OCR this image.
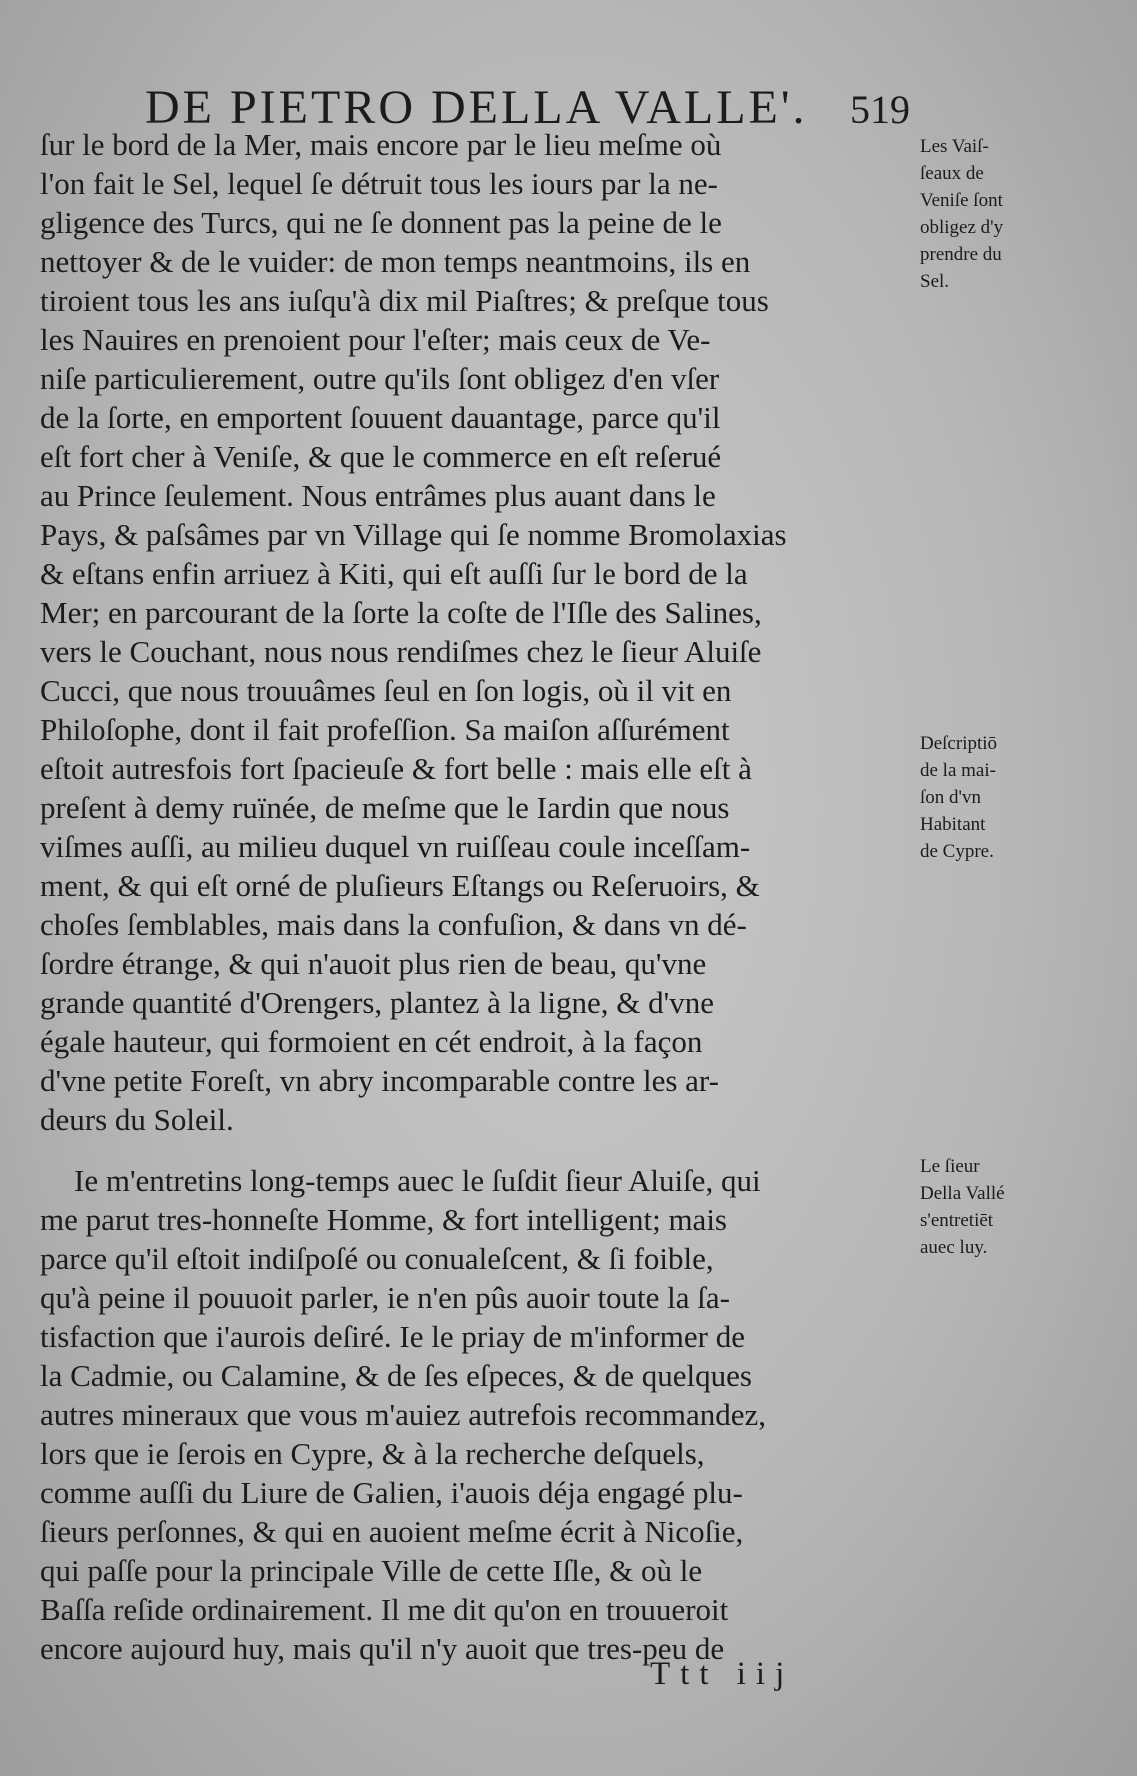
DE PIETRO DELLA VALLE'. 519
ſur le bord de la Mer, mais encore par le lieu meſme où
l'on fait le Sel, lequel ſe détruit tous les iours par la ne-
gligence des Turcs, qui ne ſe donnent pas la peine de le
nettoyer & de le vuider: de mon temps neantmoins, ils en
tiroient tous les ans iuſqu'à dix mil Piaſtres; & preſque tous
les Nauires en prenoient pour l'eſter; mais ceux de Ve-
niſe particulierement, outre qu'ils ſont obligez d'en vſer
de la ſorte, en emportent ſouuent dauantage, parce qu'il
eſt fort cher à Veniſe, & que le commerce en eſt reſerué
au Prince ſeulement. Nous entrâmes plus auant dans le
Pays, & paſsâmes par vn Village qui ſe nomme Bromolaxias
& eſtans enfin arriuez à Kiti, qui eſt auſſi ſur le bord de la
Mer; en parcourant de la ſorte la coſte de l'Iſle des Salines,
vers le Couchant, nous nous rendiſmes chez le ſieur Aluiſe
Cucci, que nous trouuâmes ſeul en ſon logis, où il vit en
Philoſophe, dont il fait profeſſion. Sa maiſon aſſurément
eſtoit autresfois fort ſpacieuſe & fort belle : mais elle eſt à
preſent à demy ruïnée, de meſme que le Iardin que nous
viſmes auſſi, au milieu duquel vn ruiſſeau coule inceſſam-
ment, & qui eſt orné de pluſieurs Eſtangs ou Reſeruoirs, &
choſes ſemblables, mais dans la confuſion, & dans vn dé-
ſordre étrange, & qui n'auoit plus rien de beau, qu'vne
grande quantité d'Orengers, plantez à la ligne, & d'vne
égale hauteur, qui formoient en cét endroit, à la façon
d'vne petite Foreſt, vn abry incomparable contre les ar-
deurs du Soleil.
Ie m'entretins long-temps auec le ſuſdit ſieur Aluiſe, qui
me parut tres-honneſte Homme, & fort intelligent; mais
parce qu'il eſtoit indiſpoſé ou conualeſcent, & ſi foible,
qu'à peine il pouuoit parler, ie n'en pûs auoir toute la ſa-
tisfaction que i'aurois deſiré. Ie le priay de m'informer de
la Cadmie, ou Calamine, & de ſes eſpeces, & de quelques
autres mineraux que vous m'auiez autrefois recommandez,
lors que ie ſerois en Cypre, & à la recherche deſquels,
comme auſſi du Liure de Galien, i'auois déja engagé plu-
ſieurs perſonnes, & qui en auoient meſme écrit à Nicoſie,
qui paſſe pour la principale Ville de cette Iſle, & où le
Baſſa reſide ordinairement. Il me dit qu'on en trouueroit
encore aujourd huy, mais qu'il n'y auoit que tres-peu de
Les Vaiſ-
ſeaux de
Veniſe ſont
obligez d'y
prendre du
Sel.
Deſcriptiō
de la mai-
ſon d'vn
Habitant
de Cypre.
Le ſieur
Della Vallé
s'entretiēt
auec luy.
Ttt iij
